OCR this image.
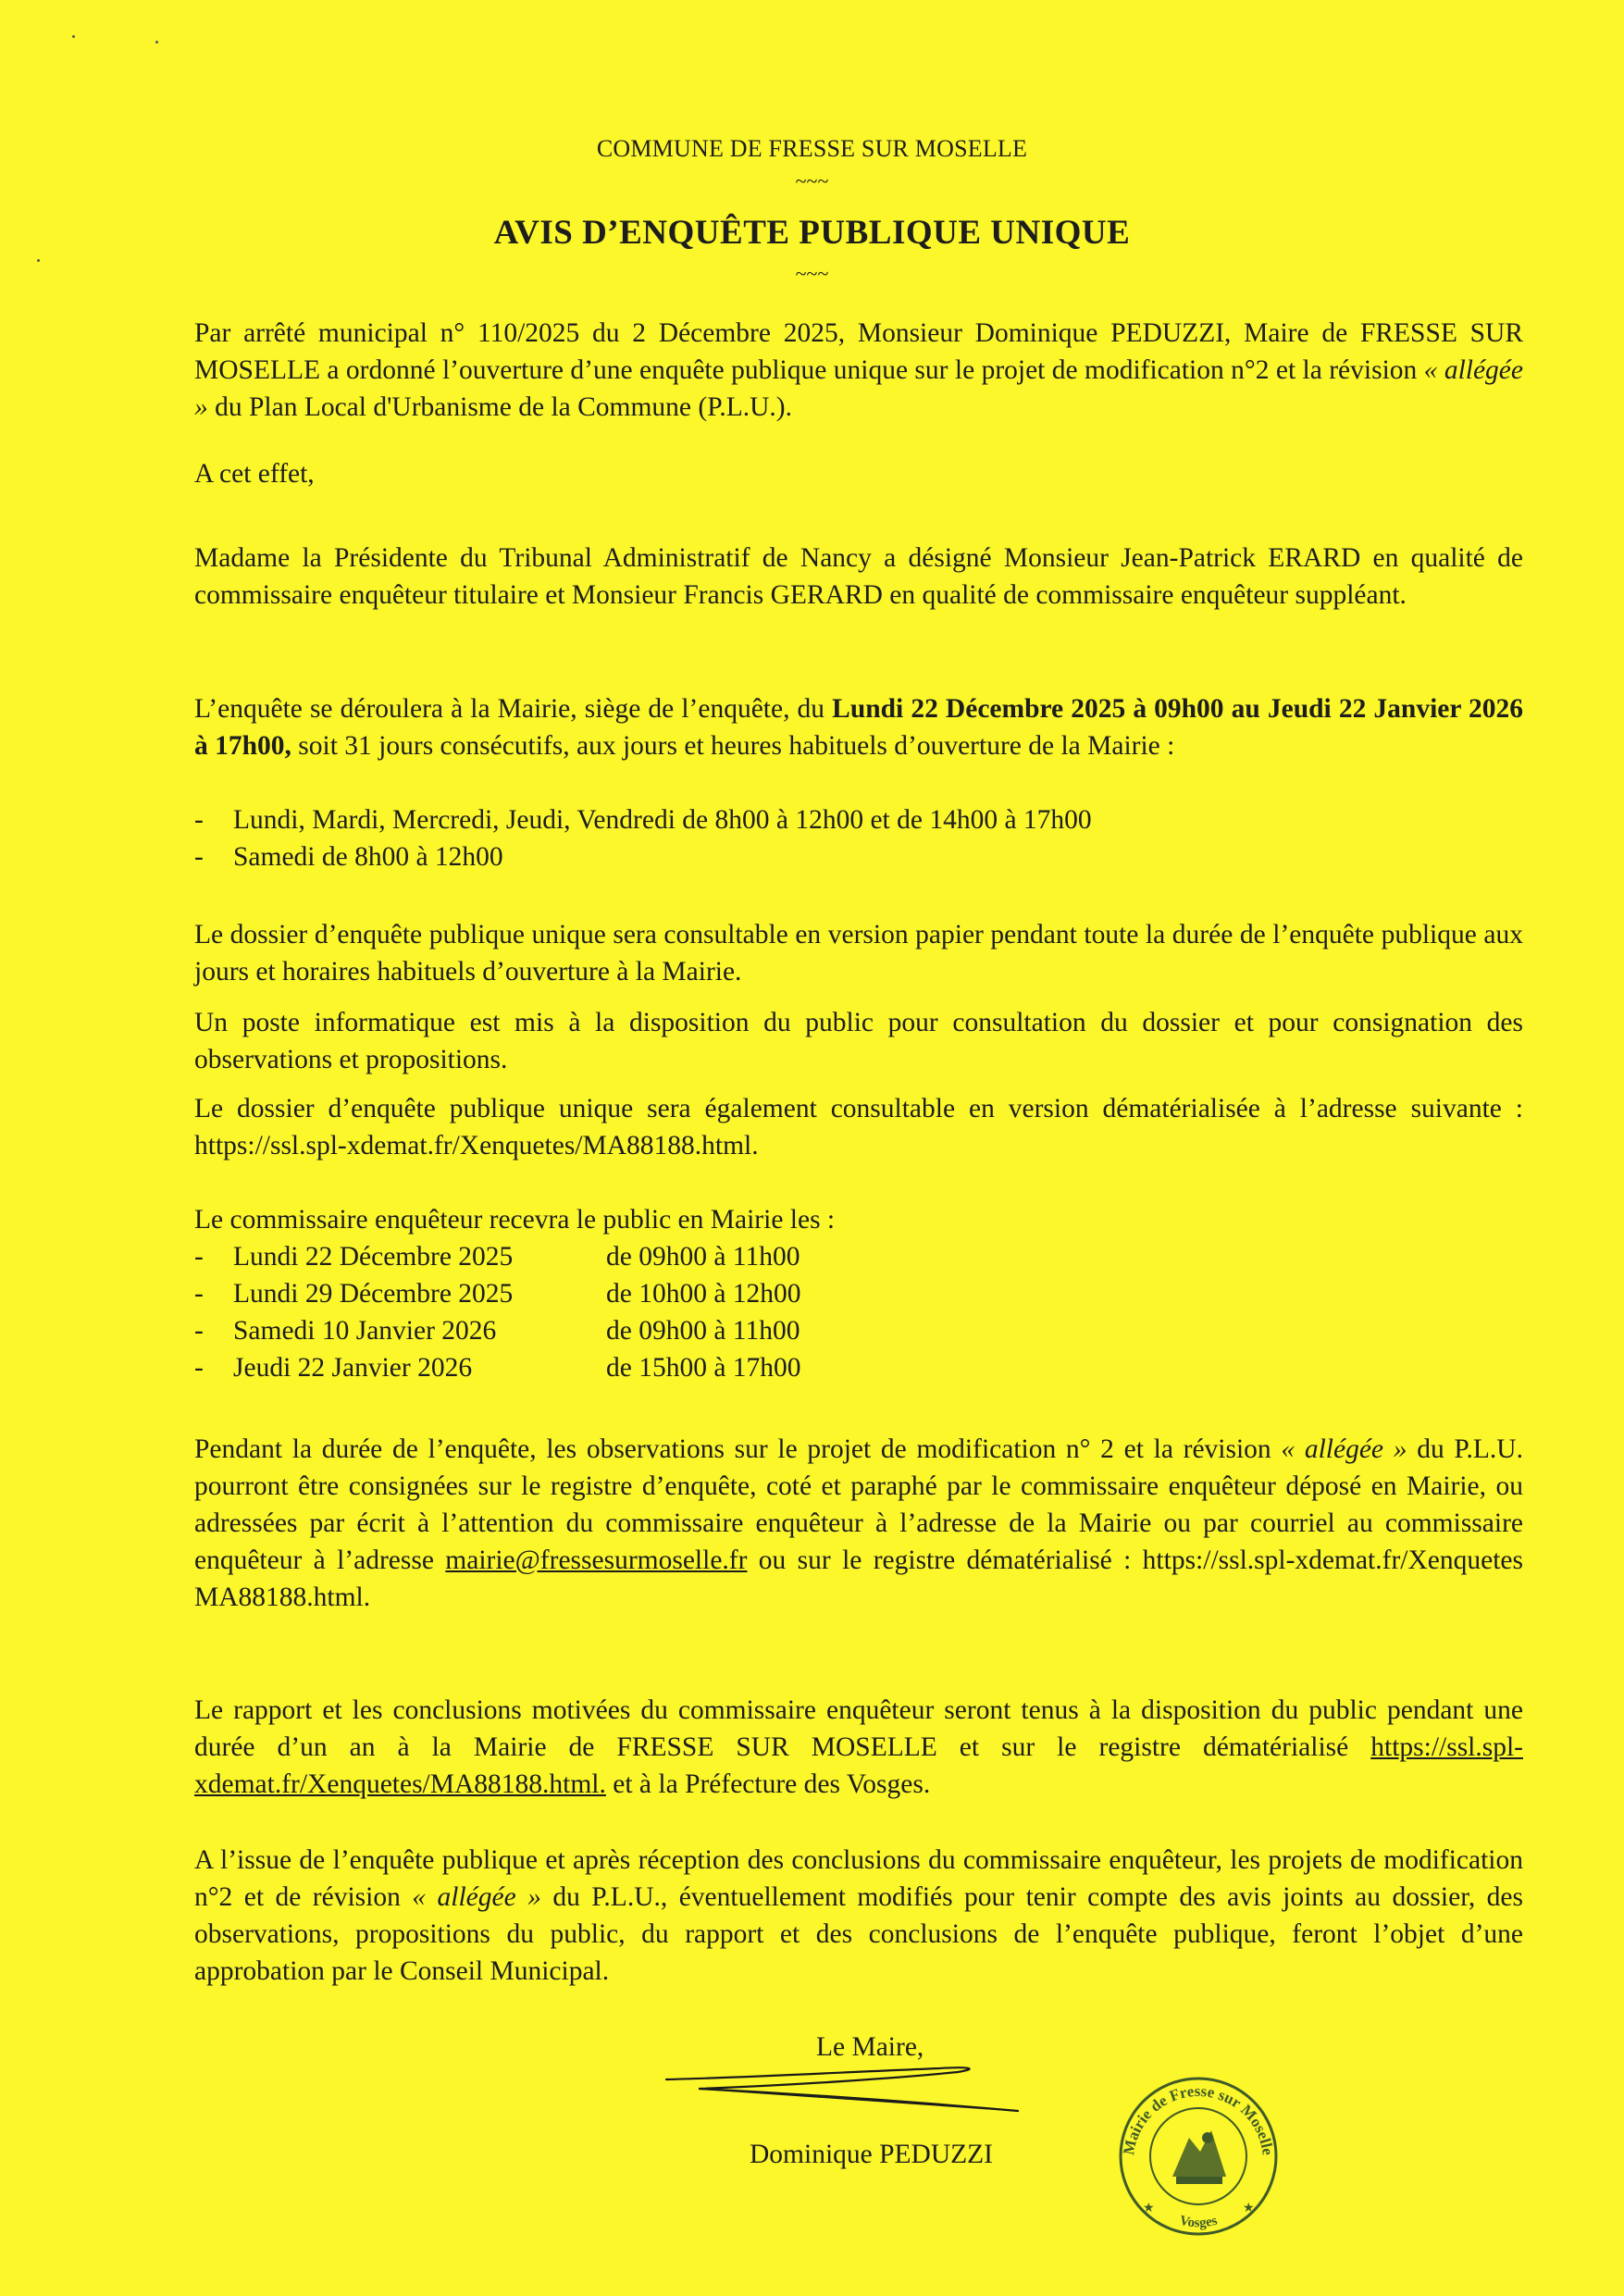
COMMUNE DE FRESSE SUR MOSELLE
~~~
AVIS D’ENQUÊTE PUBLIQUE UNIQUE
~~~
Par arrêté municipal n° 110/2025 du 2 Décembre 2025, Monsieur Dominique PEDUZZI, Maire de FRESSE SUR MOSELLE a ordonné l’ouverture d’une enquête publique unique sur le projet de modification n°2 et la révision « allégée » du Plan Local d'Urbanisme de la Commune (P.L.U.).
A cet effet,
Madame la Présidente du Tribunal Administratif de Nancy a désigné Monsieur Jean-Patrick ERARD en qualité de commissaire enquêteur titulaire et Monsieur Francis GERARD en qualité de commissaire enquêteur suppléant.
L’enquête se déroulera à la Mairie, siège de l’enquête, du Lundi 22 Décembre 2025 à 09h00 au Jeudi 22 Janvier 2026 à 17h00, soit 31 jours consécutifs, aux jours et heures habituels d’ouverture de la Mairie :
- Lundi, Mardi, Mercredi, Jeudi, Vendredi de 8h00 à 12h00 et de 14h00 à 17h00
- Samedi de 8h00 à 12h00
Le dossier d’enquête publique unique sera consultable en version papier pendant toute la durée de l’enquête publique aux jours et horaires habituels d’ouverture à la Mairie.
Un poste informatique est mis à la disposition du public pour consultation du dossier et pour consignation des observations et propositions.
Le dossier d’enquête publique unique sera également consultable en version dématérialisée à l’adresse suivante : https://ssl.spl-xdemat.fr/Xenquetes/MA88188.html.
Le commissaire enquêteur recevra le public en Mairie les :
- Lundi 22 Décembre 2025	de 09h00 à 11h00
- Lundi 29 Décembre 2025	de 10h00 à 12h00
- Samedi 10 Janvier 2026	de 09h00 à 11h00
- Jeudi 22 Janvier 2026	de 15h00 à 17h00
Pendant la durée de l’enquête, les observations sur le projet de modification n° 2 et la révision « allégée » du P.L.U. pourront être consignées sur le registre d’enquête, coté et paraphé par le commissaire enquêteur déposé en Mairie, ou adressées par écrit à l’attention du commissaire enquêteur à l’adresse de la Mairie ou par courriel au commissaire enquêteur à l’adresse mairie@fressesurmoselle.fr ou sur le registre dématérialisé : https://ssl.spl-xdemat.fr/Xenquetes MA88188.html.
Le rapport et les conclusions motivées du commissaire enquêteur seront tenus à la disposition du public pendant une durée d’un an à la Mairie de FRESSE SUR MOSELLE et sur le registre dématérialisé https://ssl.spl-xdemat.fr/Xenquetes/MA88188.html. et à la Préfecture des Vosges.
A l’issue de l’enquête publique et après réception des conclusions du commissaire enquêteur, les projets de modification n°2 et de révision « allégée » du P.L.U., éventuellement modifiés pour tenir compte des avis joints au dossier, des observations, propositions du public, du rapport et des conclusions de l’enquête publique, feront l’objet d’une approbation par le Conseil Municipal.
Le Maire,
Dominique PEDUZZI	Mairie de Fresse sur Moselle
Vosges
★	★
